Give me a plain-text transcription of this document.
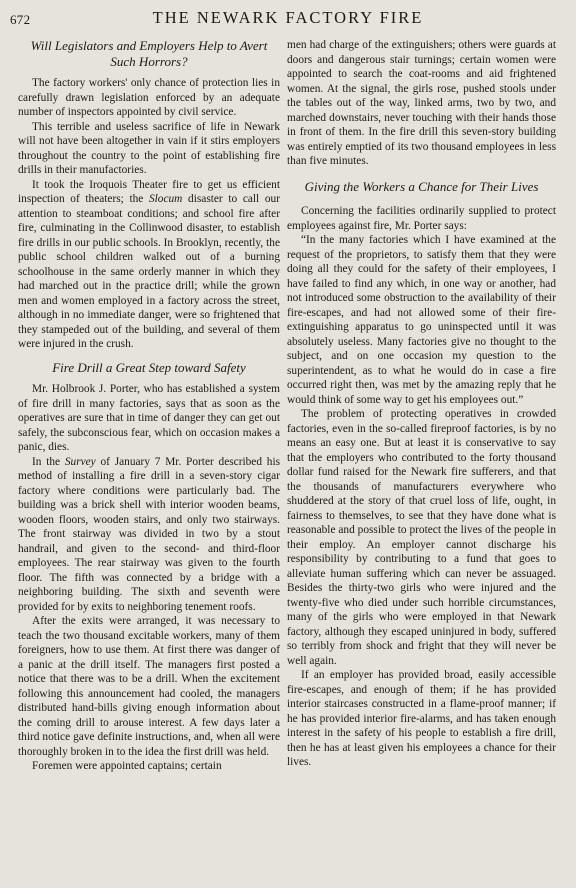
672	THE NEWARK FACTORY FIRE
Will Legislators and Employers Help to Avert Such Horrors?

The factory workers' only chance of protection lies in carefully drawn legislation enforced by an adequate number of inspectors appointed by civil service.

This terrible and useless sacrifice of life in Newark will not have been altogether in vain if it stirs employers throughout the country to the point of establishing fire drills in their manufactories.

It took the Iroquois Theater fire to get us efficient inspection of theaters; the Slocum disaster to call our attention to steamboat conditions; and school fire after fire, culminating in the Collinwood disaster, to establish fire drills in our public schools. In Brooklyn, recently, the public school children walked out of a burning schoolhouse in the same orderly manner in which they had marched out in the practice drill; while the grown men and women employed in a factory across the street, although in no immediate danger, were so frightened that they stampeded out of the building, and several of them were injured in the crush.

Fire Drill a Great Step toward Safety

Mr. Holbrook J. Porter, who has established a system of fire drill in many factories, says that as soon as the operatives are sure that in time of danger they can get out safely, the subconscious fear, which on occasion makes a panic, dies.

In the Survey of January 7 Mr. Porter described his method of installing a fire drill in a seven-story cigar factory where conditions were particularly bad. The building was a brick shell with interior wooden beams, wooden floors, wooden stairs, and only two stairways. The front stairway was divided in two by a stout handrail, and given to the second- and third-floor employees. The rear stairway was given to the fourth floor. The fifth was connected by a bridge with a neighboring building. The sixth and seventh were provided for by exits to neighboring tenement roofs.

After the exits were arranged, it was necessary to teach the two thousand excitable workers, many of them foreigners, how to use them. At first there was danger of a panic at the drill itself. The managers first posted a notice that there was to be a drill. When the excitement following this announcement had cooled, the managers distributed hand-bills giving enough information about the coming drill to arouse interest. A few days later a third notice gave definite instructions, and, when all were thoroughly broken in to the idea the first drill was held.

Foremen were appointed captains; certain

men had charge of the extinguishers; others were guards at doors and dangerous stair turnings; certain women were appointed to search the coat-rooms and aid frightened women. At the signal, the girls rose, pushed stools under the tables out of the way, linked arms, two by two, and marched downstairs, never touching with their hands those in front of them. In the fire drill this seven-story building was entirely emptied of its two thousand employees in less than five minutes.

Giving the Workers a Chance for Their Lives

Concerning the facilities ordinarily supplied to protect employees against fire, Mr. Porter says:

“In the many factories which I have examined at the request of the proprietors, to satisfy them that they were doing all they could for the safety of their employees, I have failed to find any which, in one way or another, had not introduced some obstruction to the availability of their fire-escapes, and had not allowed some of their fire-extinguishing apparatus to go uninspected until it was absolutely useless. Many factories give no thought to the subject, and on one occasion my question to the superintendent, as to what he would do in case a fire occurred right then, was met by the amazing reply that he would think of some way to get his employees out.”

The problem of protecting operatives in crowded factories, even in the so-called fireproof factories, is by no means an easy one. But at least it is conservative to say that the employers who contributed to the forty thousand dollar fund raised for the Newark fire sufferers, and that the thousands of manufacturers everywhere who shuddered at the story of that cruel loss of life, ought, in fairness to themselves, to see that they have done what is reasonable and possible to protect the lives of the people in their employ. An employer cannot discharge his responsibility by contributing to a fund that goes to alleviate human suffering which can never be assuaged. Besides the thirty-two girls who were injured and the twenty-five who died under such horrible circumstances, many of the girls who were employed in that Newark factory, although they escaped uninjured in body, suffered so terribly from shock and fright that they will never be well again.

If an employer has provided broad, easily accessible fire-escapes, and enough of them; if he has provided interior staircases constructed in a flame-proof manner; if he has provided interior fire-alarms, and has taken enough interest in the safety of his people to establish a fire drill, then he has at least given his employees a chance for their lives.
